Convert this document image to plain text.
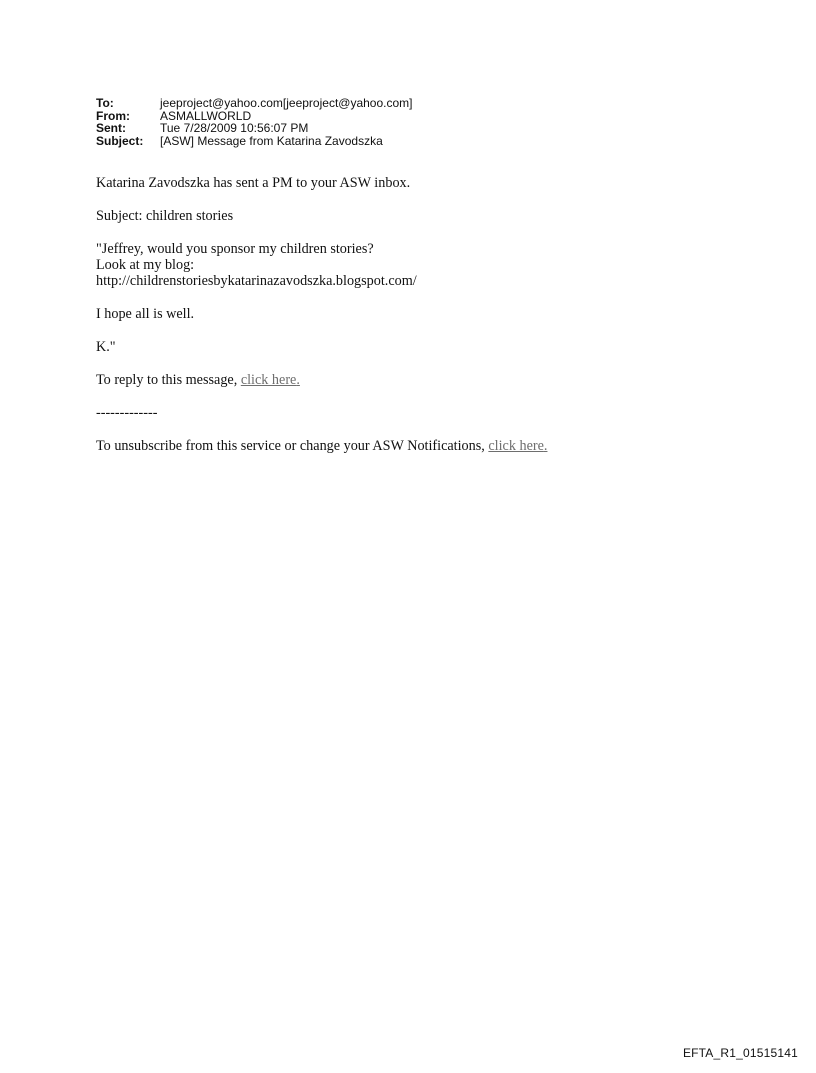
To:	jeeproject@yahoo.com[jeeproject@yahoo.com]
From:	ASMALLWORLD
Sent:	Tue 7/28/2009 10:56:07 PM
Subject:	[ASW] Message from Katarina Zavodszka

Katarina Zavodszka has sent a PM to your ASW inbox.

Subject: children stories

"Jeffrey, would you sponsor my children stories?

Look at my blog:

http://childrenstoriesbykatarinazavodszka.blogspot.com/

I hope all is well.

K."

To reply to this message, click here.

-------------

To unsubscribe from this service or change your ASW Notifications, click here.

EFTA_R1_01515141
